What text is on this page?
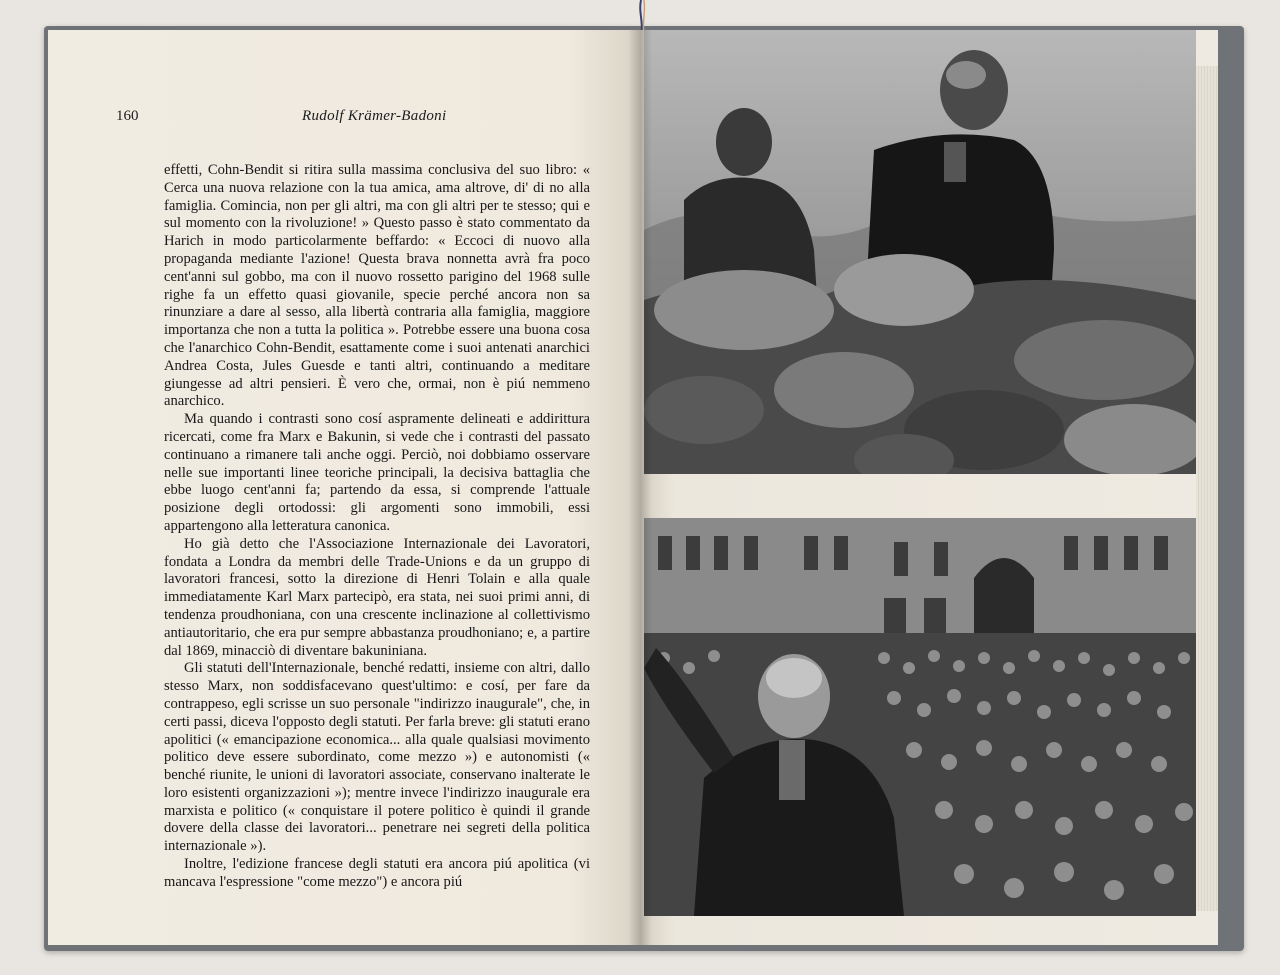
160	Rudolf Krämer-Badoni

effetti, Cohn-Bendit si ritira sulla massima conclusiva del suo libro: « Cerca una nuova relazione con la tua amica, ama altrove, di' di no alla famiglia. Comincia, non per gli altri, ma con gli altri per te stesso; qui e sul momento con la rivoluzione! » Questo passo è stato commentato da Harich in modo particolarmente beffardo: « Eccoci di nuovo alla propaganda mediante l'azione! Questa brava nonnetta avrà fra poco cent'anni sul gobbo, ma con il nuovo rossetto parigino del 1968 sulle righe fa un effetto quasi giovanile, specie perché ancora non sa rinunziare a dare al sesso, alla libertà contraria alla famiglia, maggiore importanza che non a tutta la politica ». Potrebbe essere una buona cosa che l'anarchico Cohn-Bendit, esattamente come i suoi antenati anarchici Andrea Costa, Jules Guesde e tanti altri, continuando a meditare giungesse ad altri pensieri. È vero che, ormai, non è piú nemmeno anarchico.

Ma quando i contrasti sono cosí aspramente delineati e addirittura ricercati, come fra Marx e Bakunin, si vede che i contrasti del passato continuano a rimanere tali anche oggi. Perciò, noi dobbiamo osservare nelle sue importanti linee teoriche principali, la decisiva battaglia che ebbe luogo cent'anni fa; partendo da essa, si comprende l'attuale posizione degli ortodossi: gli argomenti sono immobili, essi appartengono alla letteratura canonica.

Ho già detto che l'Associazione Internazionale dei Lavoratori, fondata a Londra da membri delle Trade-Unions e da un gruppo di lavoratori francesi, sotto la direzione di Henri Tolain e alla quale immediatamente Karl Marx partecipò, era stata, nei suoi primi anni, di tendenza proudhoniana, con una crescente inclinazione al collettivismo antiautoritario, che era pur sempre abbastanza proudhoniano; e, a partire dal 1869, minacciò di diventare bakuniniana.

Gli statuti dell'Internazionale, benché redatti, insieme con altri, dallo stesso Marx, non soddisfacevano quest'ultimo: e cosí, per fare da contrappeso, egli scrisse un suo personale "indirizzo inaugurale", che, in certi passi, diceva l'opposto degli statuti. Per farla breve: gli statuti erano apolitici (« emancipazione economica... alla quale qualsiasi movimento politico deve essere subordinato, come mezzo ») e autonomisti (« benché riunite, le unioni di lavoratori associate, conservano inalterate le loro esistenti organizzazioni »); mentre invece l'indirizzo inaugurale era marxista e politico (« conquistare il potere politico è quindi il grande dovere della classe dei lavoratori... penetrare nei segreti della politica internazionale »).

Inoltre, l'edizione francese degli statuti era ancora piú apolitica (vi mancava l'espressione "come mezzo") e ancora piú
